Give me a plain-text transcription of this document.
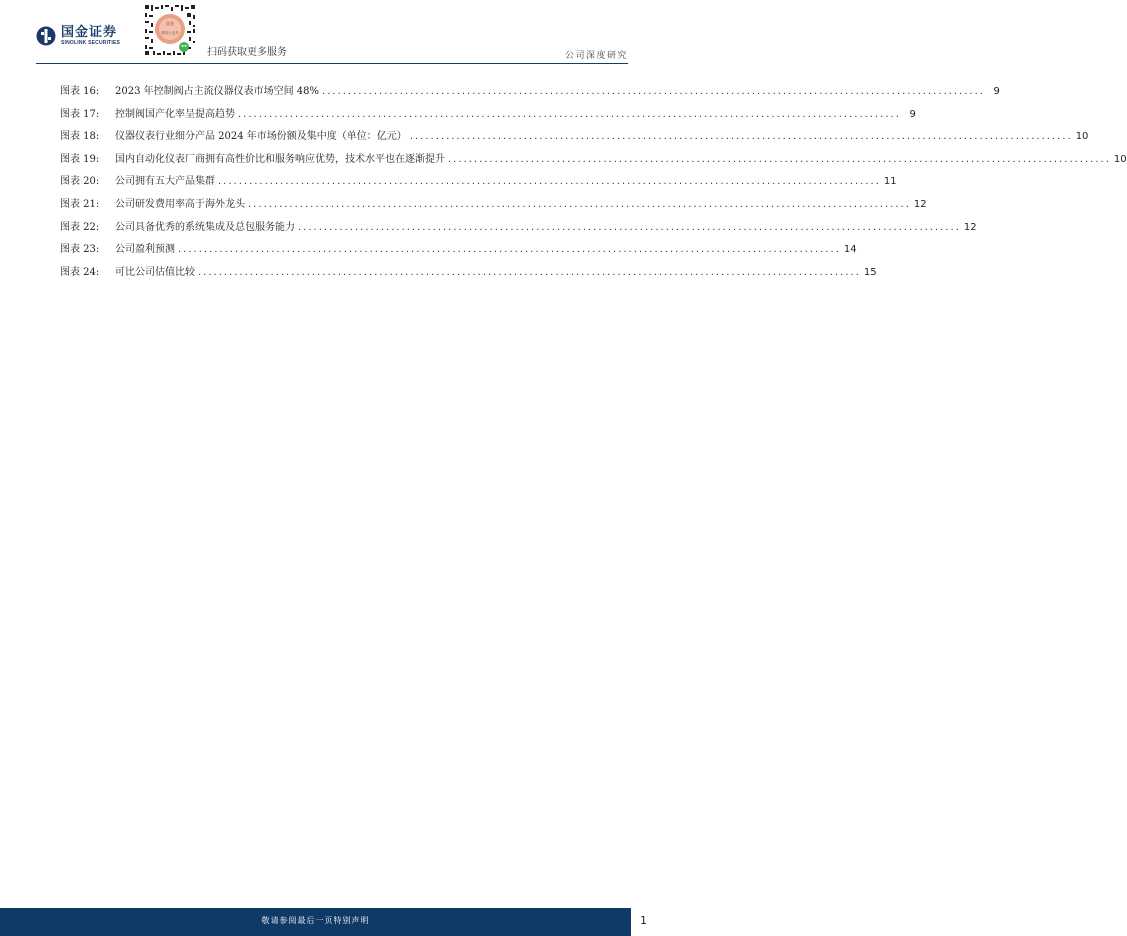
国金证券
SINOLINK SECURITIES
国金
微信公众号
扫码获取更多服务	公司深度研究
图表 16:	2023 年控制阀占主流仪器仪表市场空间 48% ................................................................................................................................ 9
图表 17:	控制阀国产化率呈提高趋势 ................................................................................................................................ 9
图表 18:	仪器仪表行业细分产品 2024 年市场份额及集中度（单位：亿元） ................................................................................................................................ 10
图表 19:	国内自动化仪表厂商拥有高性价比和服务响应优势，技术水平也在逐渐提升 ................................................................................................................................ 10
图表 20:	公司拥有五大产品集群 ................................................................................................................................ 11
图表 21:	公司研发费用率高于海外龙头 ................................................................................................................................ 12
图表 22:	公司具备优秀的系统集成及总包服务能力 ................................................................................................................................ 12
图表 23:	公司盈利预测 ................................................................................................................................ 14
图表 24:	可比公司估值比较 ................................................................................................................................ 15
敬请参阅最后一页特别声明	1
